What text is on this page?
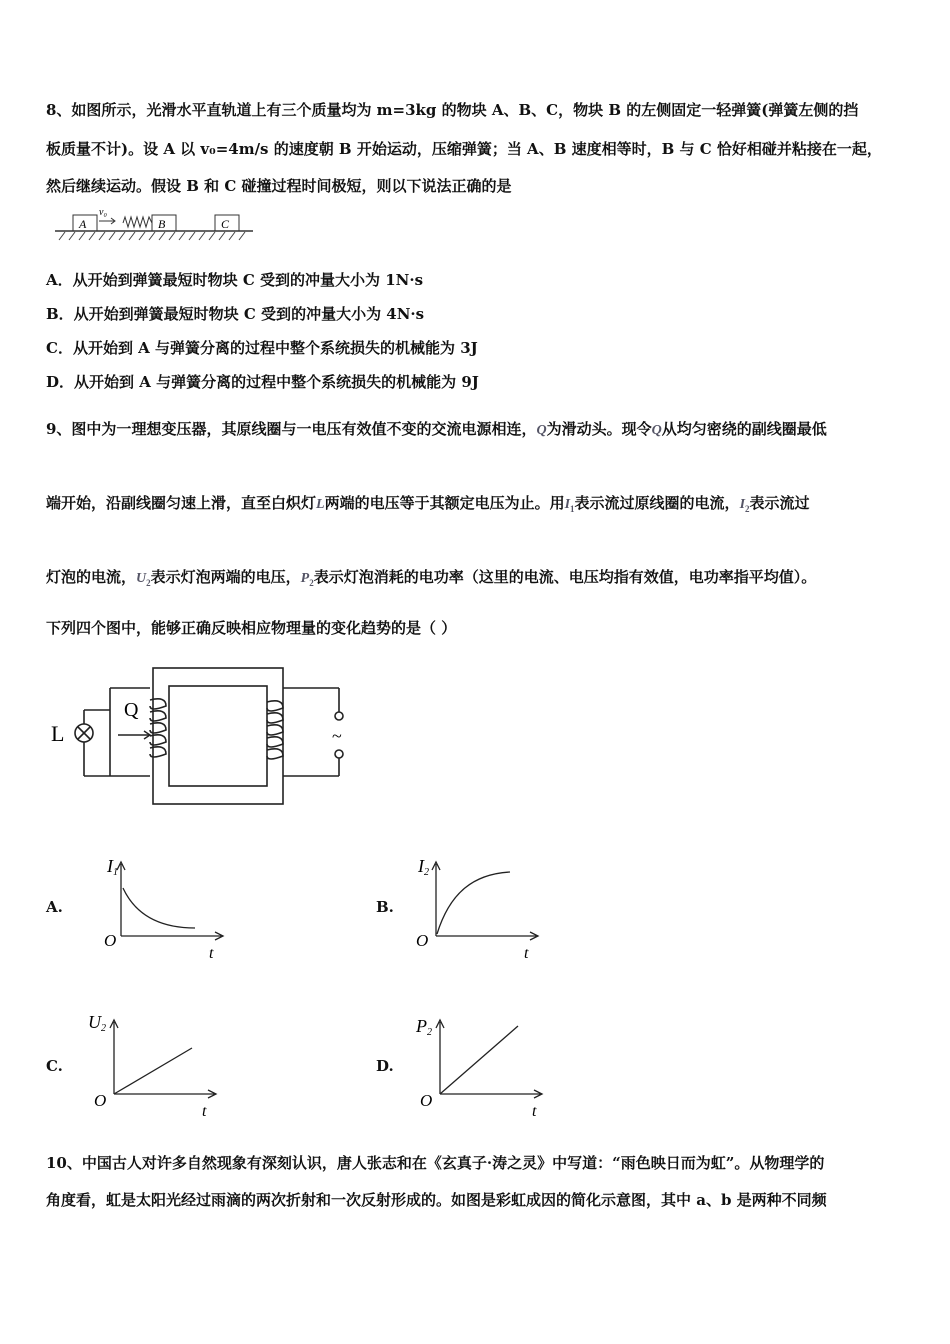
8、如图所示，光滑水平直轨道上有三个质量均为 m=3kg 的物块 A、B、C，物块 B 的左侧固定一轻弹簧(弹簧左侧的挡
板质量不计)。设 A 以 v₀=4m/s 的速度朝 B 开始运动，压缩弹簧；当 A、B 速度相等时，B 与 C 恰好相碰并粘接在一起，
然后继续运动。假设 B 和 C 碰撞过程时间极短，则以下说法正确的是
A
v₀
B	C
A．从开始到弹簧最短时物块 C 受到的冲量大小为 1N·s
B．从开始到弹簧最短时物块 C 受到的冲量大小为 4N·s
C．从开始到 A 与弹簧分离的过程中整个系统损失的机械能为 3J
D．从开始到 A 与弹簧分离的过程中整个系统损失的机械能为 9J
9、图中为一理想变压器，其原线圈与一电压有效值不变的交流电源相连，Q为滑动头。现令Q从均匀密绕的副线圈最低
端开始，沿副线圈匀速上滑，直至白炽灯L两端的电压等于其额定电压为止。用$I_1$表示流过原线圈的电流，$I_2$表示流过
灯泡的电流，$U_2$表示灯泡两端的电压，$P_2$表示灯泡消耗的电功率（这里的电流、电压均指有效值，电功率指平均值）。
下列四个图中，能够正确反映相应物理量的变化趋势的是（ ）
L
Q
~
A.	B.
C.	D.
I1
O
t
I2
O
t
U2
O
t
P2
O
t
10、中国古人对许多自然现象有深刻认识，唐人张志和在《玄真子·涛之灵》中写道：“雨色映日而为虹”。从物理学的
角度看，虹是太阳光经过雨滴的两次折射和一次反射形成的。如图是彩虹成因的简化示意图，其中 a、b 是两种不同频
